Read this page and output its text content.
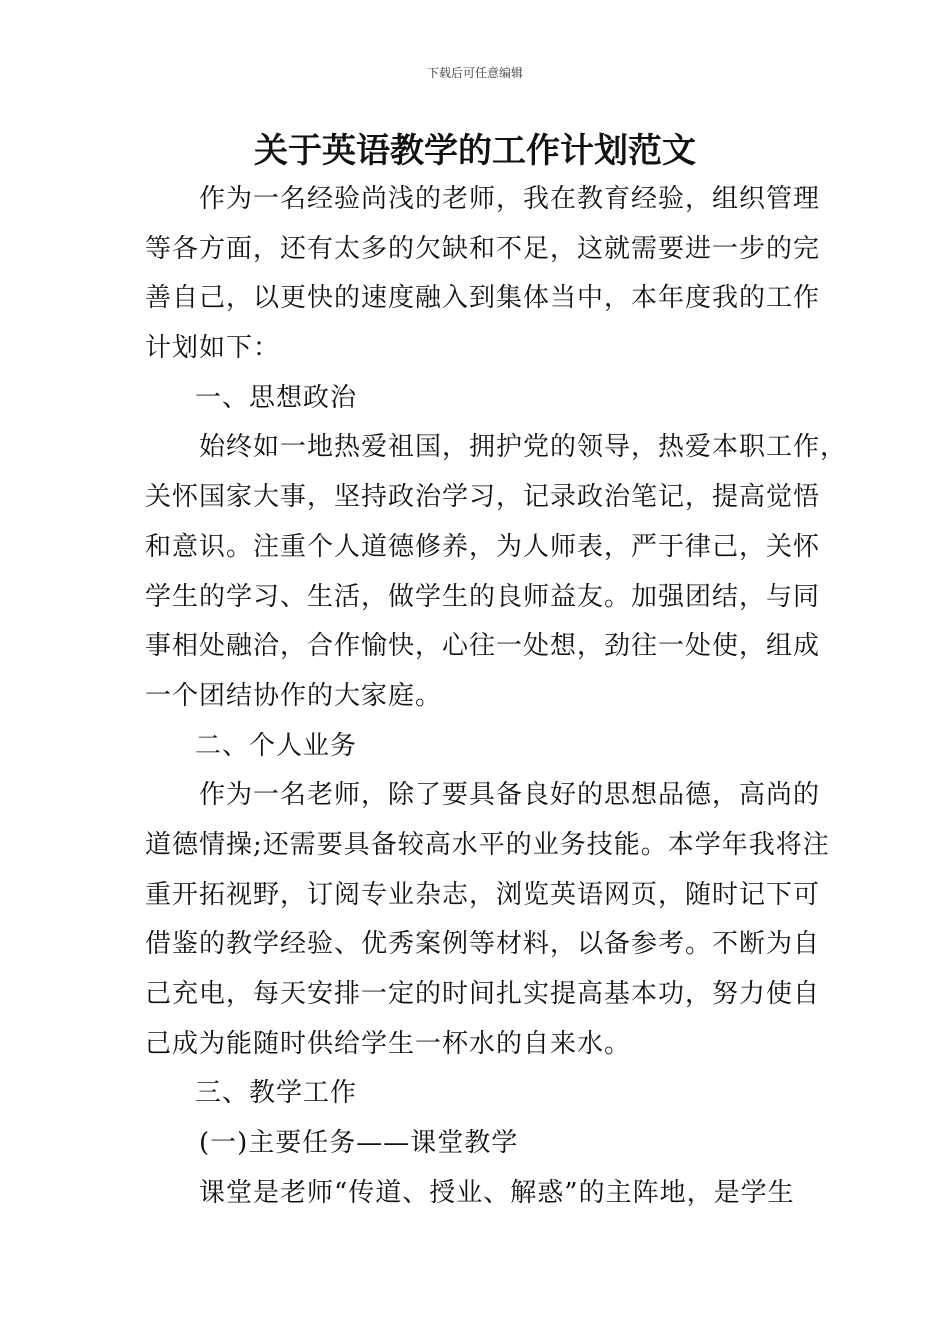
下载后可任意编辑
关于英语教学的工作计划范文
作为一名经验尚浅的老师，我在教育经验，组织管理
等各方面，还有太多的欠缺和不足，这就需要进一步的完
善自己，以更快的速度融入到集体当中，本年度我的工作
计划如下：
一、思想政治
始终如一地热爱祖国，拥护党的领导，热爱本职工作，
关怀国家大事，坚持政治学习，记录政治笔记，提高觉悟
和意识。注重个人道德修养，为人师表，严于律己，关怀
学生的学习、生活，做学生的良师益友。加强团结，与同
事相处融洽，合作愉快，心往一处想，劲往一处使，组成
一个团结协作的大家庭。
二、个人业务
作为一名老师，除了要具备良好的思想品德，高尚的
道德情操;还需要具备较高水平的业务技能。本学年我将注
重开拓视野，订阅专业杂志，浏览英语网页，随时记下可
借鉴的教学经验、优秀案例等材料，以备参考。不断为自
己充电，每天安排一定的时间扎实提高基本功，努力使自
己成为能随时供给学生一杯水的自来水。
三、教学工作
(一)主要任务——课堂教学
课堂是老师“传道、授业、解惑”的主阵地，是学生
